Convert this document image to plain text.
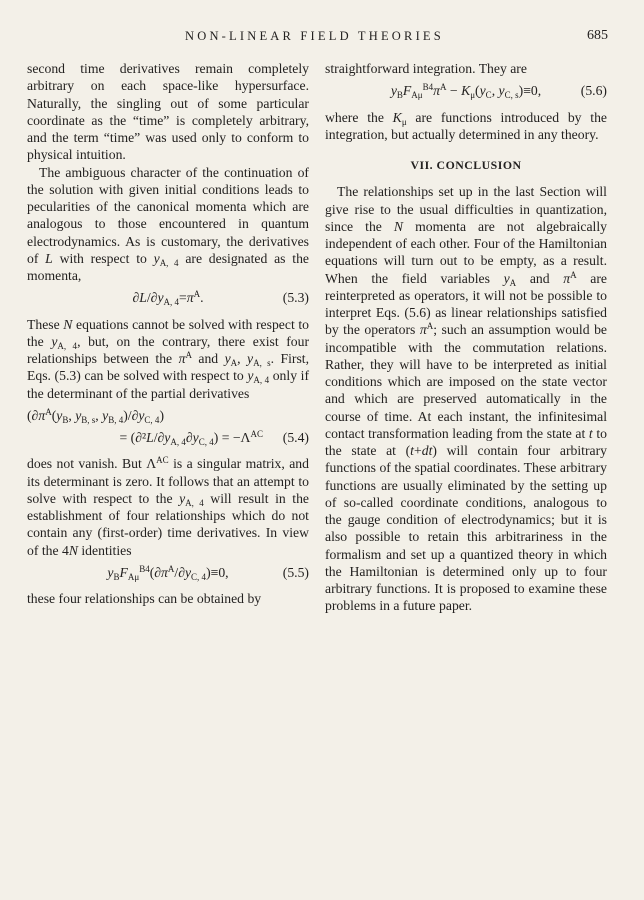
NON-LINEAR FIELD THEORIES	685

second time derivatives remain completely arbitrary on each space-like hypersurface. Naturally, the singling out of some particular coordinate as the “time” is completely arbitrary, and the term “time” was used only to conform to physical intuition.

The ambiguous character of the continuation of the solution with given initial conditions leads to pecularities of the canonical momenta which are analogous to those encountered in quantum electrodynamics. As is customary, the derivatives of L with respect to $y_{A, 4}$ are designated as the momenta,

$\partial L/\partial y_{A, 4}=\pi^A$.	(5.3)

These N equations cannot be solved with respect to the $y_{A, 4}$, but, on the contrary, there exist four relationships between the $\pi^A$ and $y_A$, $y_{A, s}$. First, Eqs. (5.3) can be solved with respect to $y_{A, 4}$ only if the determinant of the partial derivatives

($\partial\pi^A(y_B$, $y_{B, s}$, $y_{B, 4})/\partial y_{C, 4}$)
= $(\partial^2L/\partial y_{A, 4}\partial y_{C, 4}) = -\Lambda^{AC}$ (5.4)

does not vanish. But $\Lambda^{AC}$ is a singular matrix, and its determinant is zero. It follows that an attempt to solve with respect to the $y_{A, 4}$ will result in the establishment of four relationships which do not contain any (first-order) time derivatives. In view of the 4N identities

$y_BF_{A\mu}^{B4}(\partial\pi^A/\partial y_{C, 4})\equiv 0$,	(5.5)

these four relationships can be obtained by

straightforward integration. They are

$y_BF_{A\mu}^{B4}\pi^A - K_\mu(y_C$, $y_{C, s})\equiv 0$,	(5.6)

where the $K_\mu$ are functions introduced by the integration, but actually determined in any theory.

VII. CONCLUSION

The relationships set up in the last Section will give rise to the usual difficulties in quantization, since the N momenta are not algebraically independent of each other. Four of the Hamiltonian equations will turn out to be empty, as a result. When the field variables $y_A$ and $\pi^A$ are reinterpreted as operators, it will not be possible to interpret Eqs. (5.6) as linear relationships satisfied by the operators $\pi^A$; such an assumption would be incompatible with the commutation relations. Rather, they will have to be interpreted as initial conditions which are imposed on the state vector and which are preserved automatically in the course of time. At each instant, the infinitesimal contact transformation leading from the state at t to the state at (t+dt) will contain four arbitrary functions of the spatial coordinates. These arbitrary functions are usually eliminated by the setting up of so-called coordinate conditions, analogous to the gauge condition of electrodynamics; but it is also possible to retain this arbitrariness in the formalism and set up a quantized theory in which the Hamiltonian is determined only up to four arbitrary functions. It is proposed to examine these problems in a future paper.
